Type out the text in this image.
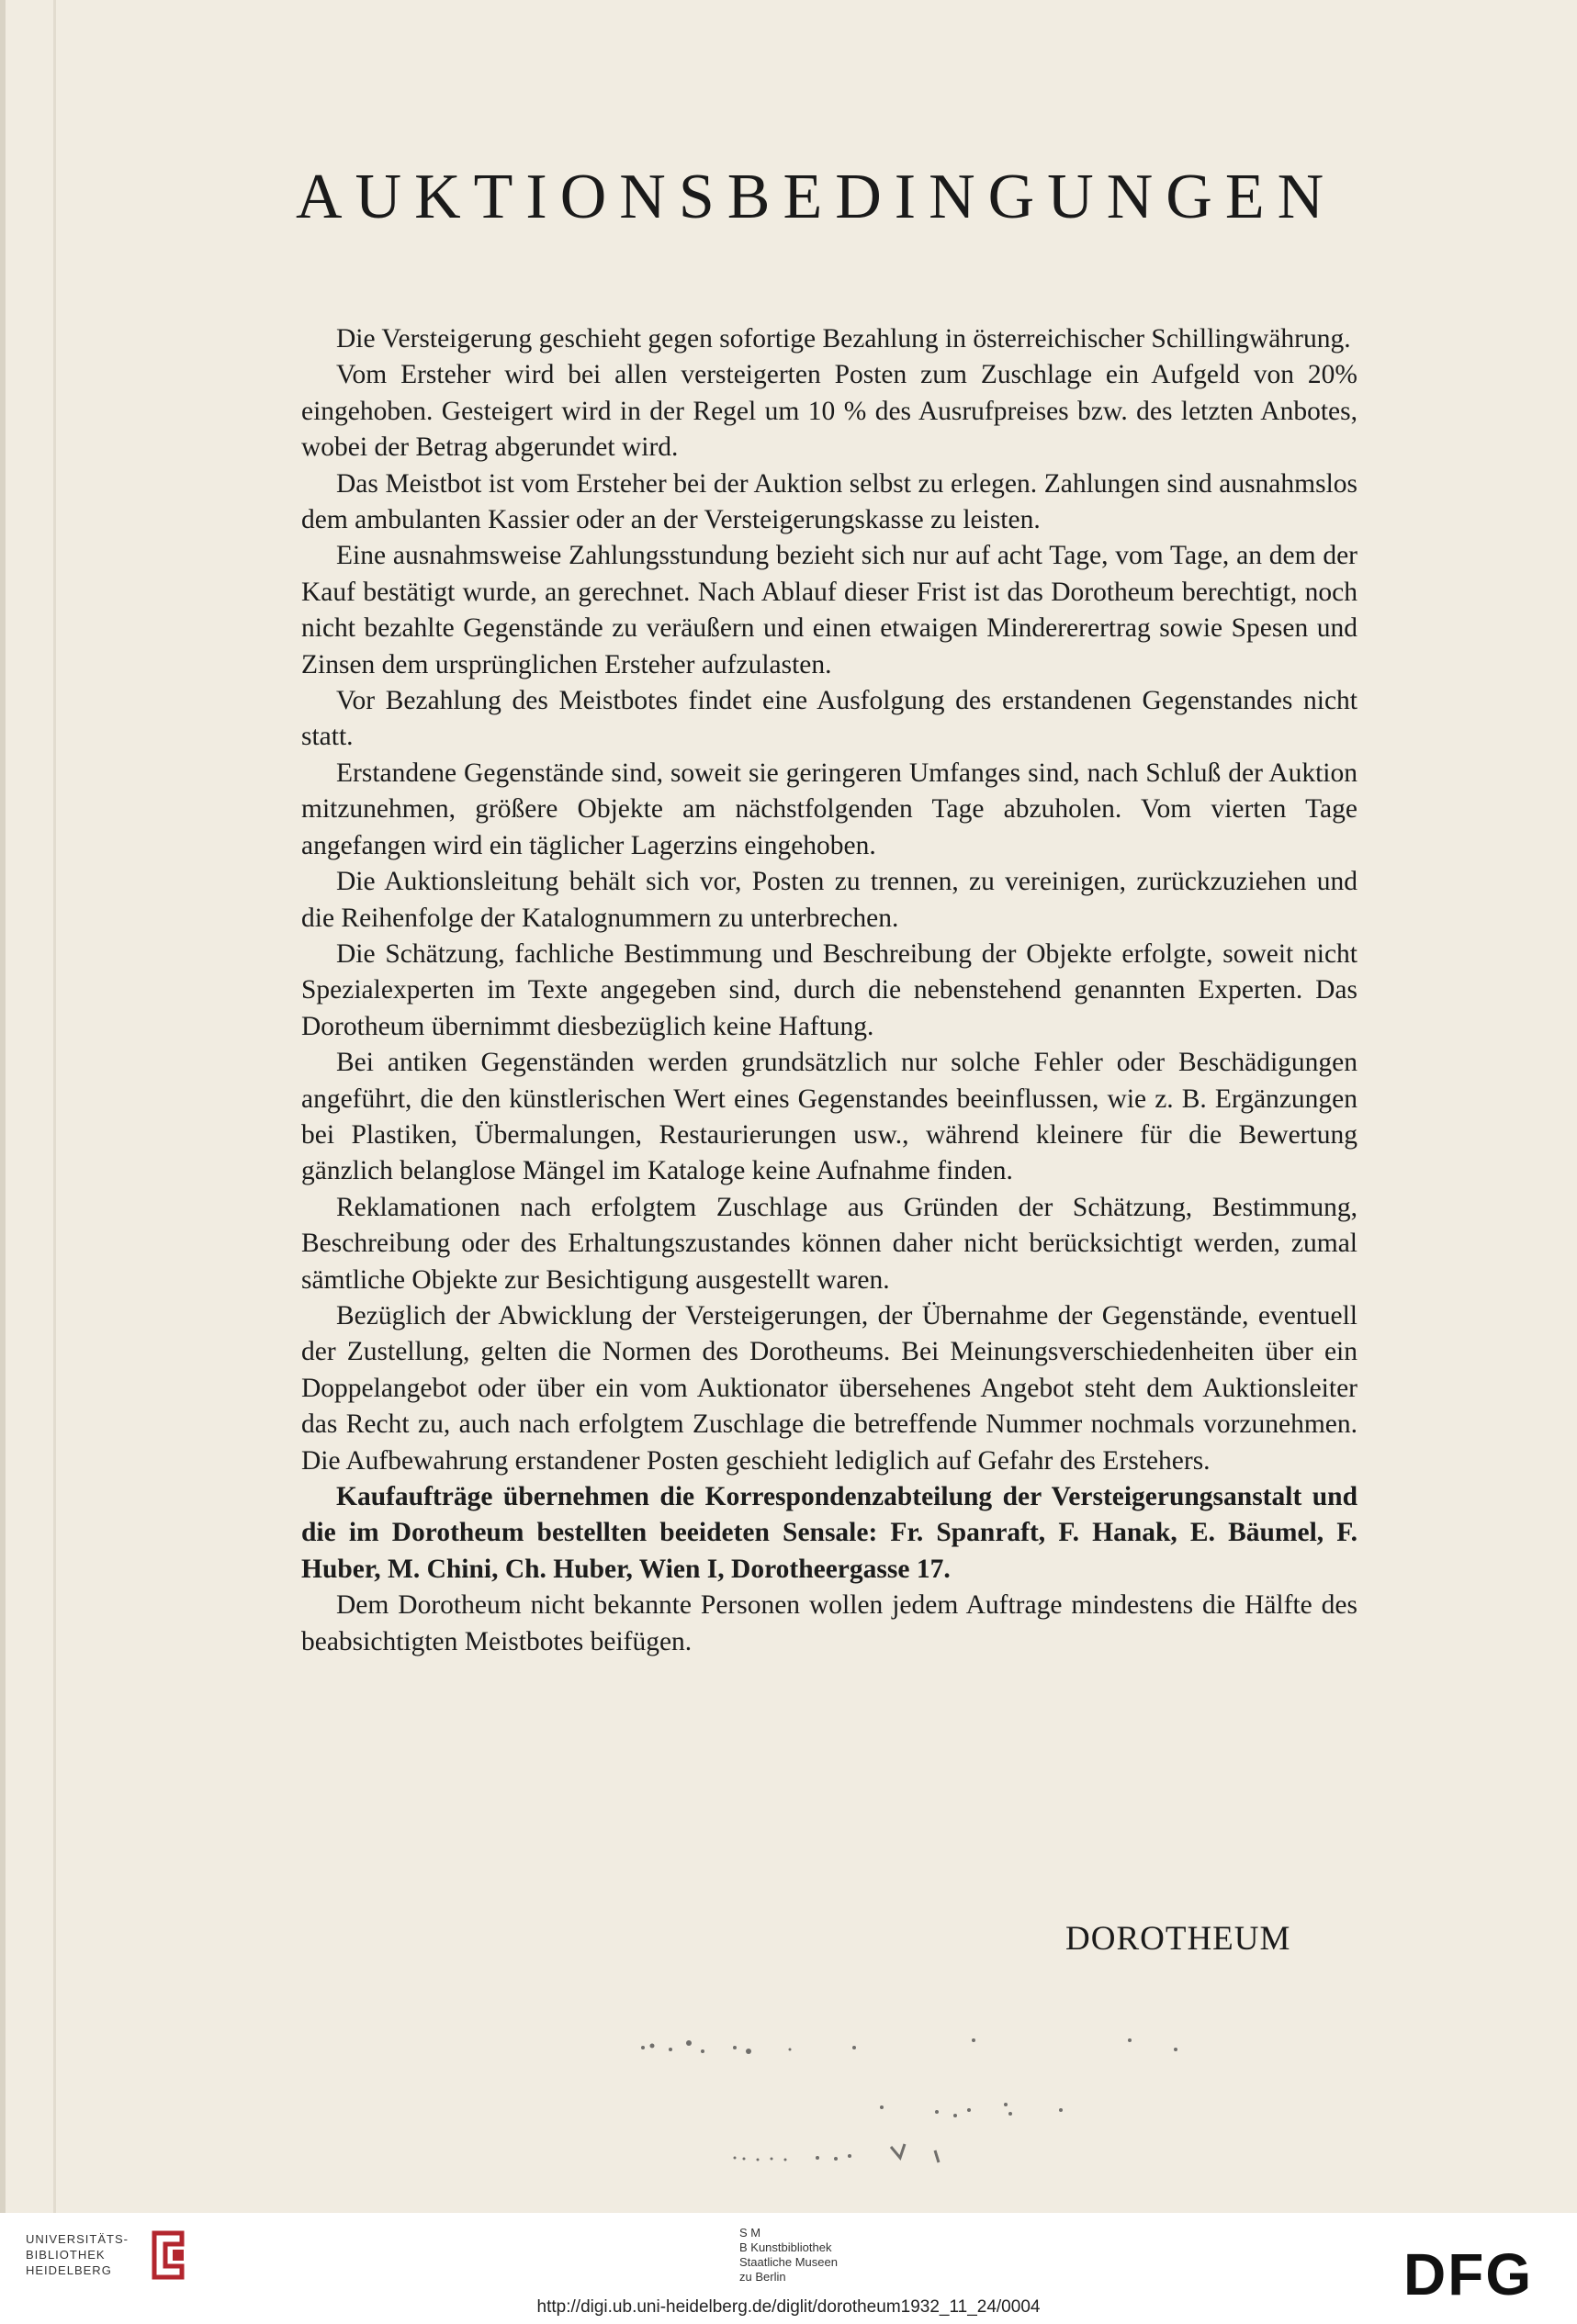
AUKTIONSBEDINGUNGEN

Die Versteigerung geschieht gegen sofortige Bezahlung in österreichischer Schillingwährung.

Vom Ersteher wird bei allen versteigerten Posten zum Zuschlage ein Aufgeld von 20% eingehoben. Gesteigert wird in der Regel um 10 % des Ausrufpreises bzw. des letzten Anbotes, wobei der Betrag abgerundet wird.

Das Meistbot ist vom Ersteher bei der Auktion selbst zu erlegen. Zahlungen sind ausnahmslos dem ambulanten Kassier oder an der Versteigerungskasse zu leisten.

Eine ausnahmsweise Zahlungsstundung bezieht sich nur auf acht Tage, vom Tage, an dem der Kauf bestätigt wurde, an gerechnet. Nach Ablauf dieser Frist ist das Dorotheum berechtigt, noch nicht bezahlte Gegenstände zu veräußern und einen etwaigen Mindererertrag sowie Spesen und Zinsen dem ursprünglichen Ersteher aufzulasten.

Vor Bezahlung des Meistbotes findet eine Ausfolgung des erstandenen Gegenstandes nicht statt.

Erstandene Gegenstände sind, soweit sie geringeren Umfanges sind, nach Schluß der Auktion mitzunehmen, größere Objekte am nächstfolgenden Tage abzuholen. Vom vierten Tage angefangen wird ein täglicher Lagerzins eingehoben.

Die Auktionsleitung behält sich vor, Posten zu trennen, zu vereinigen, zurückzuziehen und die Reihenfolge der Katalognummern zu unterbrechen.

Die Schätzung, fachliche Bestimmung und Beschreibung der Objekte erfolgte, soweit nicht Spezialexperten im Texte angegeben sind, durch die nebenstehend genannten Experten. Das Dorotheum übernimmt diesbezüglich keine Haftung.

Bei antiken Gegenständen werden grundsätzlich nur solche Fehler oder Beschädigungen angeführt, die den künstlerischen Wert eines Gegenstandes beeinflussen, wie z. B. Ergänzungen bei Plastiken, Übermalungen, Restaurierungen usw., während kleinere für die Bewertung gänzlich belanglose Mängel im Kataloge keine Aufnahme finden.

Reklamationen nach erfolgtem Zuschlage aus Gründen der Schätzung, Bestimmung, Beschreibung oder des Erhaltungszustandes können daher nicht berücksichtigt werden, zumal sämtliche Objekte zur Besichtigung ausgestellt waren.

Bezüglich der Abwicklung der Versteigerungen, der Übernahme der Gegenstände, eventuell der Zustellung, gelten die Normen des Dorotheums. Bei Meinungsverschiedenheiten über ein Doppelangebot oder über ein vom Auktionator übersehenes Angebot steht dem Auktionsleiter das Recht zu, auch nach erfolgtem Zuschlage die betreffende Nummer nochmals vorzunehmen. Die Aufbewahrung erstandener Posten geschieht lediglich auf Gefahr des Erstehers.

Kaufaufträge übernehmen die Korrespondenzabteilung der Versteigerungsanstalt und die im Dorotheum bestellten beeideten Sensale: Fr. Spanraft, F. Hanak, E. Bäumel, F. Huber, M. Chini, Ch. Huber, Wien I, Dorotheergasse 17.

Dem Dorotheum nicht bekannte Personen wollen jedem Auftrage mindestens die Hälfte des beabsichtigten Meistbotes beifügen.

DOROTHEUM
UNIVERSITÄTS-
BIBLIOTHEK
HEIDELBERG
S M
B Kunstbibliothek
Staatliche Museen
zu Berlin	DFG
http://digi.ub.uni-heidelberg.de/diglit/dorotheum1932_11_24/0004
